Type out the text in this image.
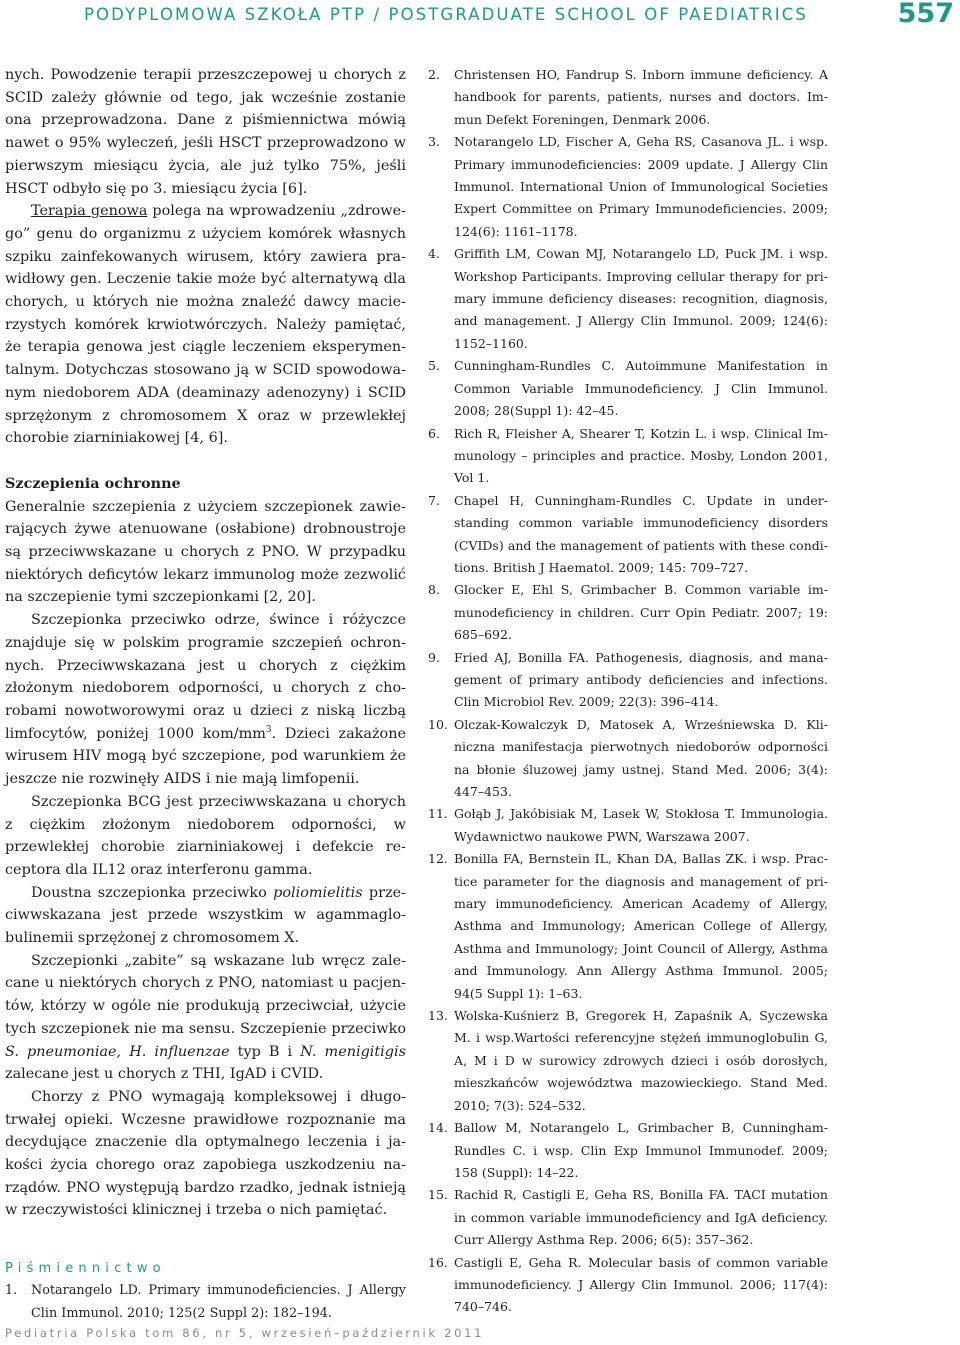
PODYPLOMOWA SZKOŁA PTP / POSTGRADUATE SCHOOL OF PAEDIATRICS	557

nych. Powodzenie terapii przeszczepowej u chorych z SCID zależy głównie od tego, jak wcześnie zostanie ona przeprowadzona. Dane z piśmiennictwa mówią nawet o 95% wyleczeń, jeśli HSCT przeprowadzono w pierwszym miesiącu życia, ale już tylko 75%, jeśli HSCT odbyło się po 3. miesiącu życia [6].

Terapia genowa polega na wprowadzeniu „zdrowego” genu do organizmu z użyciem komórek własnych szpiku zainfekowanych wirusem, który zawiera prawidłowy gen. Leczenie takie może być alternatywą dla chorych, u których nie można znaleźć dawcy macierzystych komórek krwiotwórczych. Należy pamiętać, że terapia genowa jest ciągle leczeniem eksperymentalnym. Dotychczas stosowano ją w SCID spowodowanym niedoborem ADA (deaminazy adenozyny) i SCID sprzężonym z chromosomem X oraz w przewlekłej chorobie ziarniniakowej [4, 6].

Szczepienia ochronne

Generalnie szczepienia z użyciem szczepionek zawierających żywe atenuowane (osłabione) drobnoustroje są przeciwwskazane u chorych z PNO. W przypadku niektórych deficytów lekarz immunolog może zezwolić na szczepienie tymi szczepionkami [2, 20].

Szczepionka przeciwko odrze, śwince i różyczce znajduje się w polskim programie szczepień ochronnych. Przeciwwskazana jest u chorych z ciężkim złożonym niedoborem odporności, u chorych z chorobami nowotworowymi oraz u dzieci z niską liczbą limfocytów, poniżej 1000 kom/$mm^3$. Dzieci zakażone wirusem HIV mogą być szczepione, pod warunkiem że jeszcze nie rozwinęły AIDS i nie mają limfopenii.

Szczepionka BCG jest przeciwwskazana u chorych z ciężkim złożonym niedoborem odporności, w przewlekłej chorobie ziarniniakowej i defekcie receptora dla IL12 oraz interferonu gamma.

Doustna szczepionka przeciwko poliomielitis przeciwwskazana jest przede wszystkim w agammaglobulinemii sprzężonej z chromosomem X.

Szczepionki „zabite” są wskazane lub wręcz zalecane u niektórych chorych z PNO, natomiast u pacjentów, którzy w ogóle nie produkują przeciwciał, użycie tych szczepionek nie ma sensu. Szczepienie przeciwko S. pneumoniae, H. influenzae typ B i N. menigitigis zalecane jest u chorych z THI, IgAD i CVID.

Chorzy z PNO wymagają kompleksowej i długotrwałej opieki. Wczesne prawidłowe rozpoznanie ma decydujące znaczenie dla optymalnego leczenia i jakości życia chorego oraz zapobiega uszkodzeniu narządów. PNO występują bardzo rzadko, jednak istnieją w rzeczywistości klinicznej i trzeba o nich pamiętać.

Piśmiennictwo
1. Notarangelo LD. Primary immunodeficiencies. J Allergy Clin Immunol. 2010; 125(2 Suppl 2): 182–194.
2. Christensen HO, Fandrup S. Inborn immune deficiency. A handbook for parents, patients, nurses and doctors. Immun Defekt Foreningen, Denmark 2006.
3. Notarangelo LD, Fischer A, Geha RS, Casanova JL. i wsp. Primary immunodeficiencies: 2009 update. J Allergy Clin Immunol. International Union of Immunological Societies Expert Committee on Primary Immunodeficiencies. 2009; 124(6): 1161–1178.
4. Griffith LM, Cowan MJ, Notarangelo LD, Puck JM. i wsp. Workshop Participants. Improving cellular therapy for primary immune deficiency diseases: recognition, diagnosis, and management. J Allergy Clin Immunol. 2009; 124(6): 1152–1160.
5. Cunningham-Rundles C. Autoimmune Manifestation in Common Variable Immunodeficiency. J Clin Immunol. 2008; 28(Suppl 1): 42–45.
6. Rich R, Fleisher A, Shearer T, Kotzin L. i wsp. Clinical Immunology – principles and practice. Mosby, London 2001, Vol 1.
7. Chapel H, Cunningham-Rundles C. Update in understanding common variable immunodeficiency disorders (CVIDs) and the management of patients with these conditions. British J Haematol. 2009; 145: 709–727.
8. Glocker E, Ehl S, Grimbacher B. Common variable immunodeficiency in children. Curr Opin Pediatr. 2007; 19: 685–692.
9. Fried AJ, Bonilla FA. Pathogenesis, diagnosis, and management of primary antibody deficiencies and infections. Clin Microbiol Rev. 2009; 22(3): 396–414.
10. Olczak-Kowalczyk D, Matosek A, Wrześniewska D. Kliniczna manifestacja pierwotnych niedoborów odporności na błonie śluzowej jamy ustnej. Stand Med. 2006; 3(4): 447–453.
11. Gołąb J, Jakóbisiak M, Lasek W, Stokłosa T. Immunologia. Wydawnictwo naukowe PWN, Warszawa 2007.
12. Bonilla FA, Bernstein IL, Khan DA, Ballas ZK. i wsp. Practice parameter for the diagnosis and management of primary immunodeficiency. American Academy of Allergy, Asthma and Immunology; American College of Allergy, Asthma and Immunology; Joint Council of Allergy, Asthma and Immunology. Ann Allergy Asthma Immunol. 2005; 94(5 Suppl 1): 1–63.
13. Wolska-Kuśnierz B, Gregorek H, Zapaśnik A, Syczewska M. i wsp.Wartości referencyjne stężeń immunoglobulin G, A, M i D w surowicy zdrowych dzieci i osób dorosłych, mieszkańców województwa mazowieckiego. Stand Med. 2010; 7(3): 524–532.
14. Ballow M, Notarangelo L, Grimbacher B, Cunningham-Rundles C. i wsp. Clin Exp Immunol Immunodef. 2009; 158 (Suppl): 14–22.
15. Rachid R, Castigli E, Geha RS, Bonilla FA. TACI mutation in common variable immunodeficiency and IgA deficiency. Curr Allergy Asthma Rep. 2006; 6(5): 357–362.
16. Castigli E, Geha R. Molecular basis of common variable immunodeficiency. J Allergy Clin Immunol. 2006; 117(4): 740–746.
Pediatria Polska tom 86, nr 5, wrzesień–październik 2011
